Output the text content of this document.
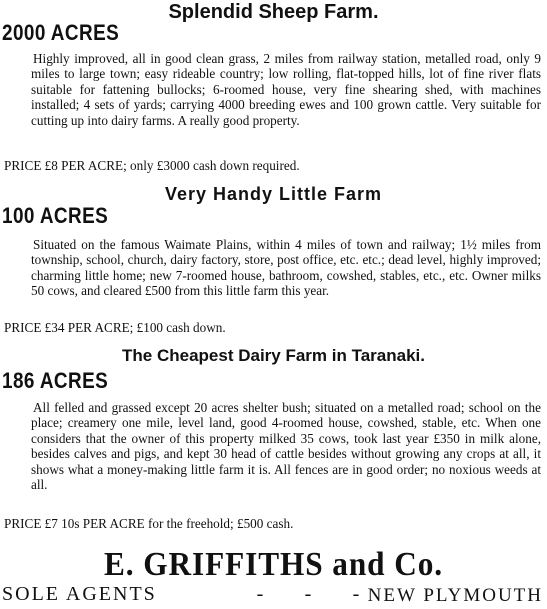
Splendid Sheep Farm.
2000 ACRES
Highly improved, all in good clean grass, 2 miles from railway station, metalled road, only 9 miles to large town; easy rideable country; low rolling, flat-topped hills, lot of fine river flats suitable for fattening bullocks; 6-roomed house, very fine shearing shed, with machines installed; 4 sets of yards; carrying 4000 breeding ewes and 100 grown cattle. Very suitable for cutting up into dairy farms. A really good property.
PRICE £8 PER ACRE; only £3000 cash down required.
Very Handy Little Farm
100 ACRES
Situated on the famous Waimate Plains, within 4 miles of town and railway; 1½ miles from township, school, church, dairy factory, store, post office, etc. etc.; dead level, highly improved; charming little home; new 7-roomed house, bathroom, cowshed, stables, etc., etc. Owner milks 50 cows, and cleared £500 from this little farm this year.
PRICE £34 PER ACRE; £100 cash down.
The Cheapest Dairy Farm in Taranaki.
186 ACRES
All felled and grassed except 20 acres shelter bush; situated on a metalled road; school on the place; creamery one mile, level land, good 4-roomed house, cowshed, stable, etc. When one considers that the owner of this property milked 35 cows, took last year £350 in milk alone, besides calves and pigs, and kept 30 head of cattle besides without growing any crops at all, it shows what a money-making little farm it is. All fences are in good order; no noxious weeds at all.
PRICE £7 10s PER ACRE for the freehold; £500 cash.
E. GRIFFITHS and Co.
SOLE AGENTS	- - - NEW PLYMOUTH
